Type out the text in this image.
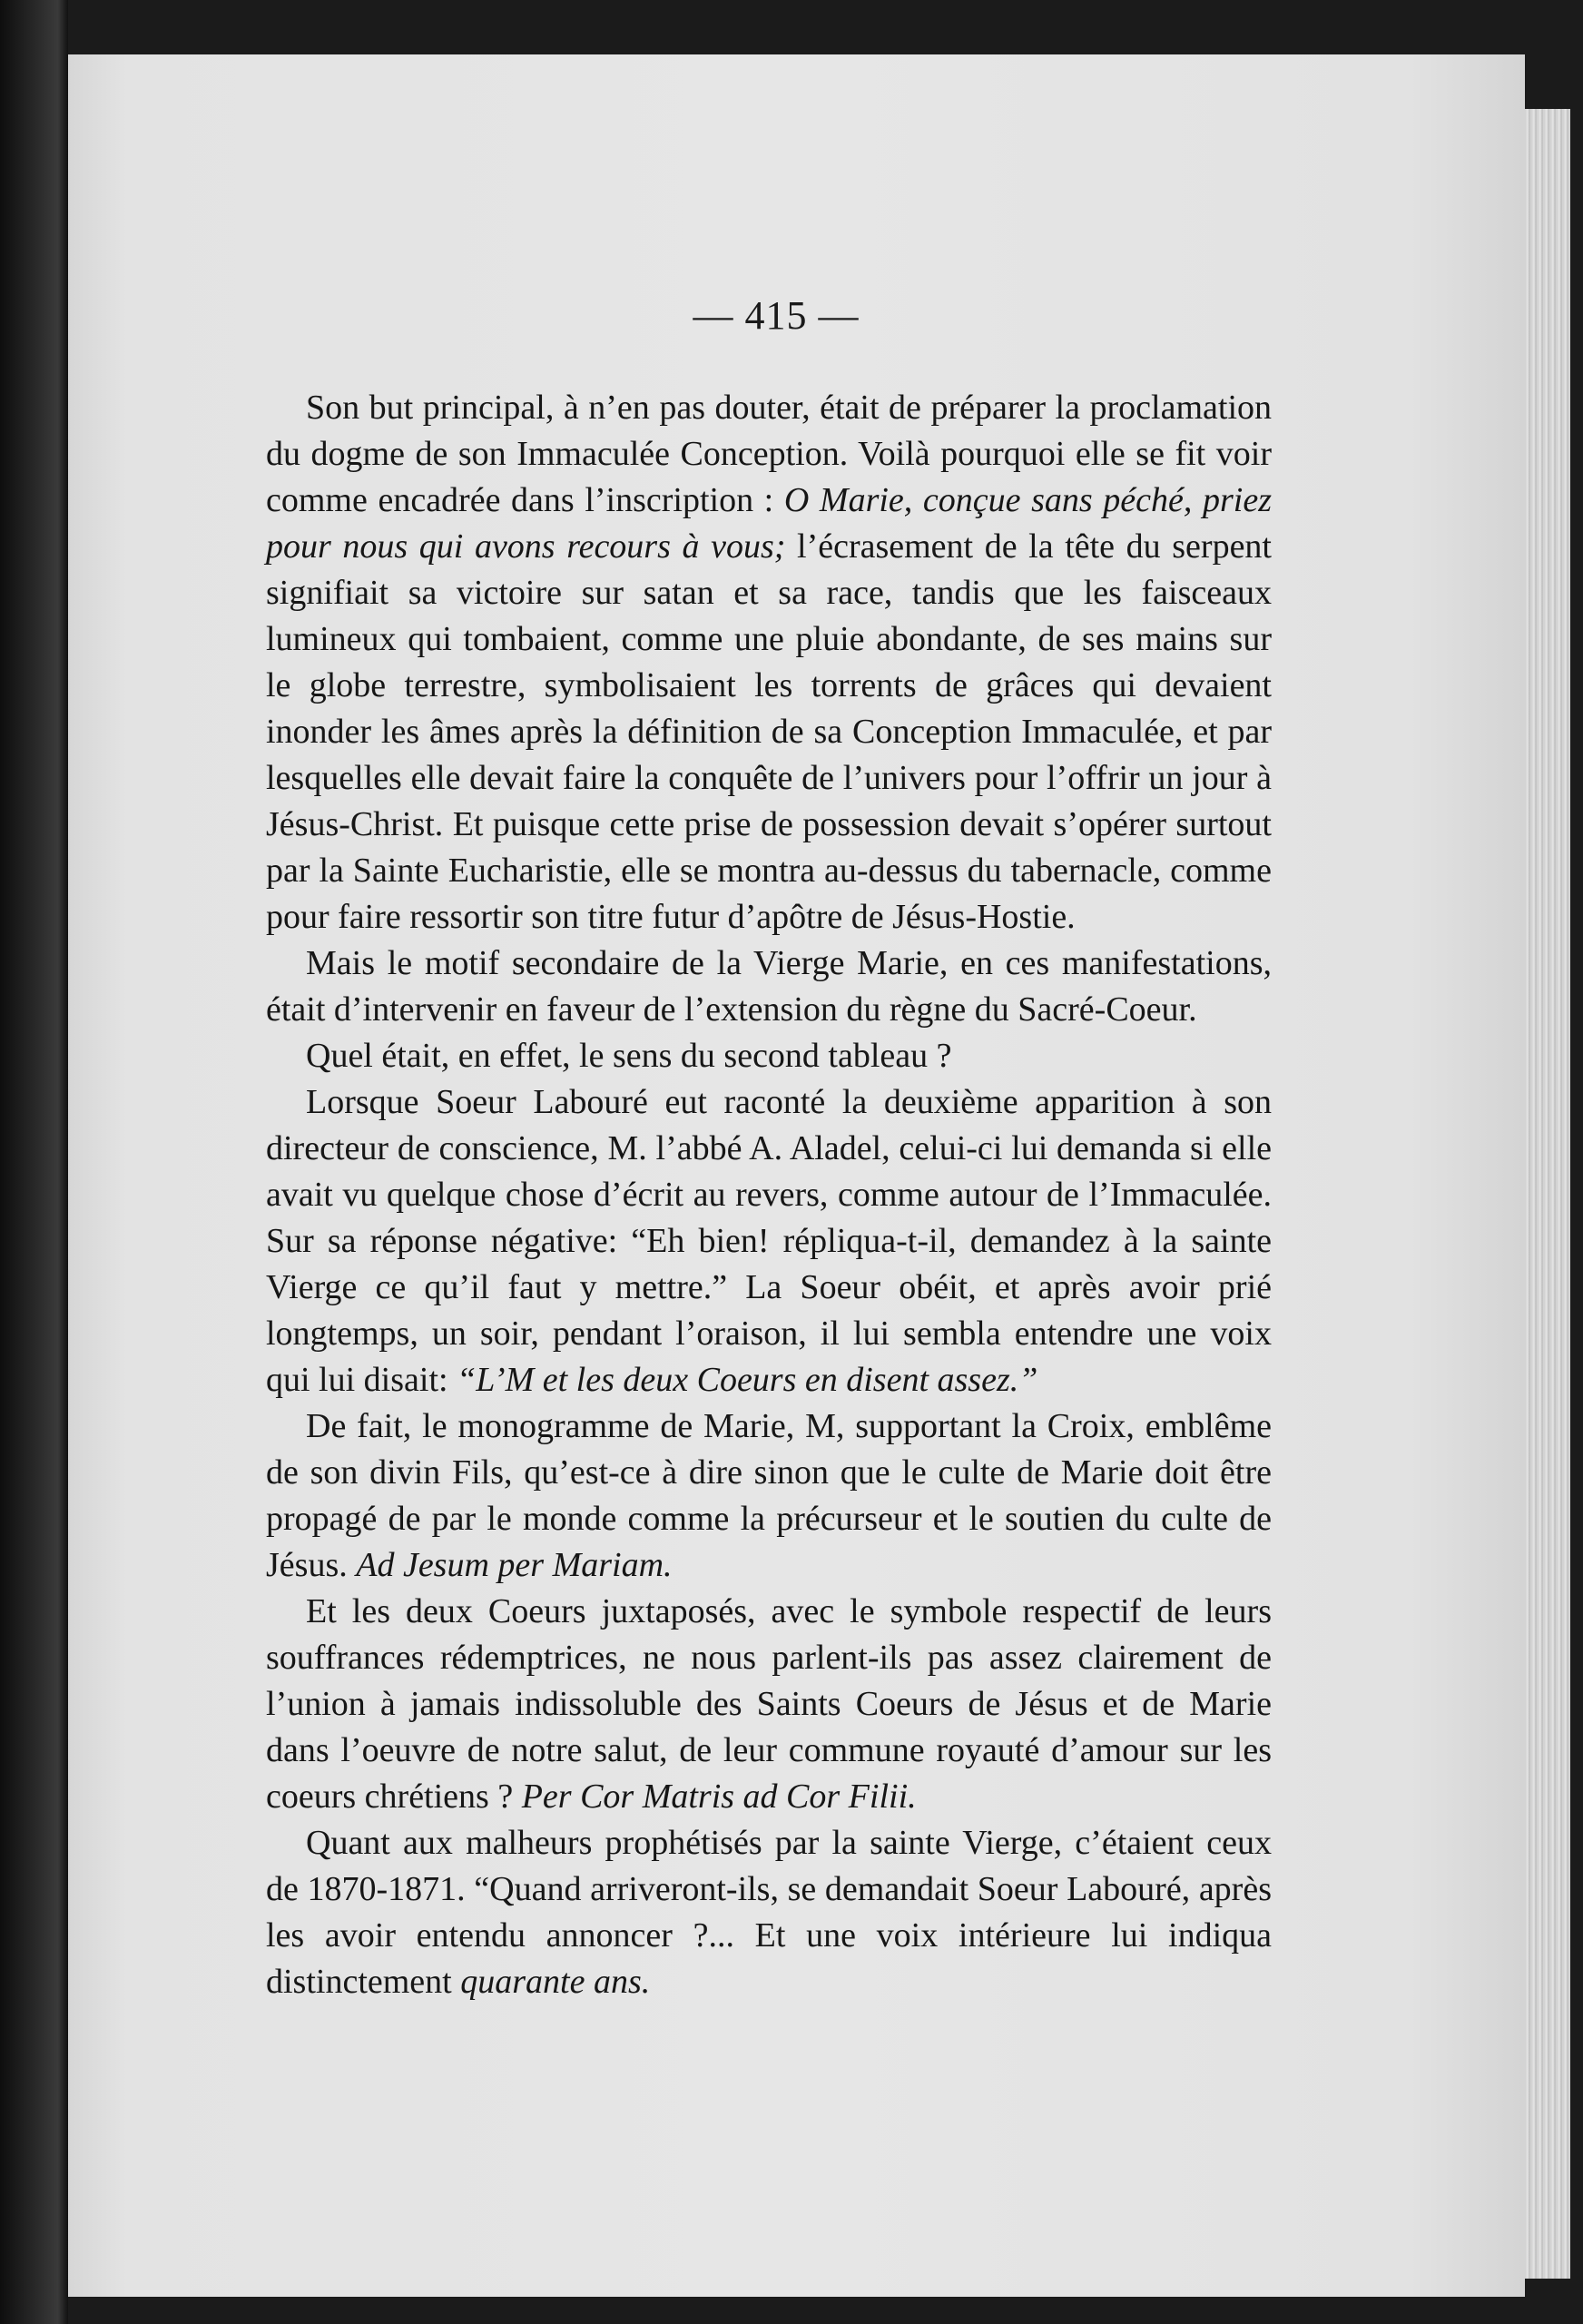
— 415 —

Son but principal, à n’en pas douter, était de préparer la proclamation du dogme de son Immaculée Conception. Voilà pourquoi elle se fit voir comme encadrée dans l’inscription : O Marie, conçue sans péché, priez pour nous qui avons recours à vous; l’écrasement de la tête du serpent signifiait sa victoire sur satan et sa race, tandis que les faisceaux lumineux qui tombaient, comme une pluie abondante, de ses mains sur le globe terrestre, symbolisaient les torrents de grâces qui devaient inonder les âmes après la définition de sa Conception Immaculée, et par lesquelles elle devait faire la conquête de l’univers pour l’offrir un jour à Jésus-Christ. Et puisque cette prise de possession devait s’opérer surtout par la Sainte Eucharistie, elle se montra au-dessus du tabernacle, comme pour faire ressortir son titre futur d’apôtre de Jésus-Hostie.

Mais le motif secondaire de la Vierge Marie, en ces manifestations, était d’intervenir en faveur de l’extension du règne du Sacré-Coeur.

Quel était, en effet, le sens du second tableau ?

Lorsque Soeur Labouré eut raconté la deuxième apparition à son directeur de conscience, M. l’abbé A. Aladel, celui-ci lui demanda si elle avait vu quelque chose d’écrit au revers, comme autour de l’Immaculée. Sur sa réponse négative: “Eh bien! répliqua-t-il, demandez à la sainte Vierge ce qu’il faut y mettre.” La Soeur obéit, et après avoir prié longtemps, un soir, pendant l’oraison, il lui sembla entendre une voix qui lui disait: “L’M et les deux Coeurs en disent assez.”

De fait, le monogramme de Marie, M, supportant la Croix, emblême de son divin Fils, qu’est-ce à dire sinon que le culte de Marie doit être propagé de par le monde comme la précurseur et le soutien du culte de Jésus. Ad Jesum per Mariam.

Et les deux Coeurs juxtaposés, avec le symbole respectif de leurs souffrances rédemptrices, ne nous parlent-ils pas assez clairement de l’union à jamais indissoluble des Saints Coeurs de Jésus et de Marie dans l’oeuvre de notre salut, de leur commune royauté d’amour sur les coeurs chrétiens ? Per Cor Matris ad Cor Filii.

Quant aux malheurs prophétisés par la sainte Vierge, c’étaient ceux de 1870-1871. “Quand arriveront-ils, se demandait Soeur Labouré, après les avoir entendu annoncer ?... Et une voix intérieure lui indiqua distinctement quarante ans.
